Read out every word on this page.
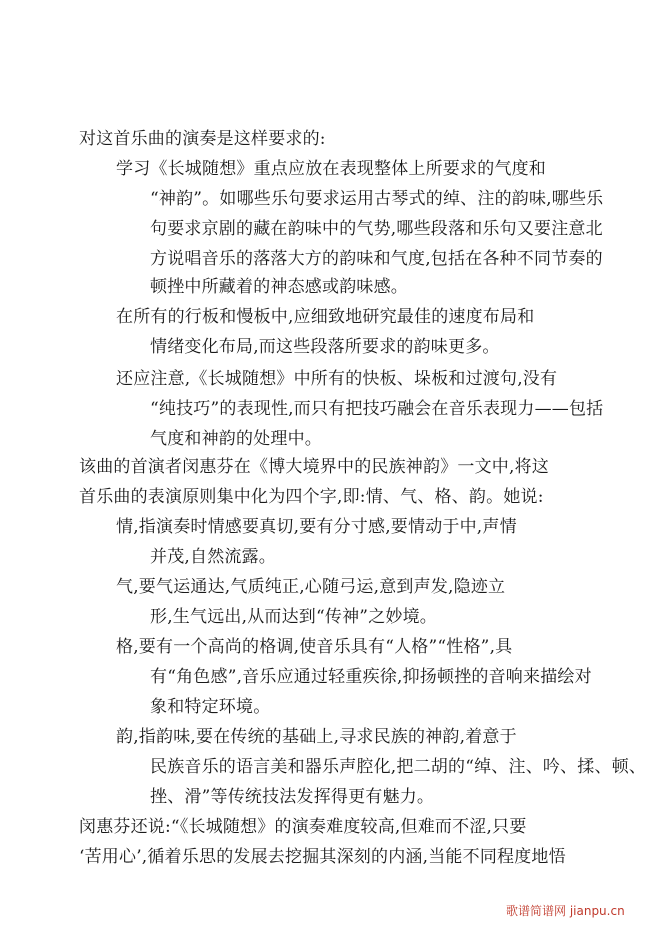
对这首乐曲的演奏是这样要求的:
学习《长城随想》重点应放在表现整体上所要求的气度和
“神韵”。如哪些乐句要求运用古琴式的绰、注的韵味,哪些乐
句要求京剧的藏在韵味中的气势,哪些段落和乐句又要注意北
方说唱音乐的落落大方的韵味和气度,包括在各种不同节奏的
顿挫中所藏着的神态感或韵味感。
在所有的行板和慢板中,应细致地研究最佳的速度布局和
情绪变化布局,而这些段落所要求的韵味更多。
还应注意,《长城随想》中所有的快板、垛板和过渡句,没有
“纯技巧”的表现性,而只有把技巧融会在音乐表现力——包括
气度和神韵的处理中。
该曲的首演者闵惠芬在《博大境界中的民族神韵》一文中,将这
首乐曲的表演原则集中化为四个字,即:情、气、格、韵。她说:
情,指演奏时情感要真切,要有分寸感,要情动于中,声情
并茂,自然流露。
气,要气运通达,气质纯正,心随弓运,意到声发,隐迹立
形,生气远出,从而达到“传神”之妙境。
格,要有一个高尚的格调,使音乐具有“人格”“性格”,具
有“角色感”,音乐应通过轻重疾徐,抑扬顿挫的音响来描绘对
象和特定环境。
韵,指韵味,要在传统的基础上,寻求民族的神韵,着意于
民族音乐的语言美和器乐声腔化,把二胡的“绰、注、吟、揉、顿、
挫、滑”等传统技法发挥得更有魅力。
闵惠芬还说:“《长城随想》的演奏难度较高,但难而不涩,只要
‘苦用心’,循着乐思的发展去挖掘其深刻的内涵,当能不同程度地悟
歌谱简谱网 jianpu.cn
